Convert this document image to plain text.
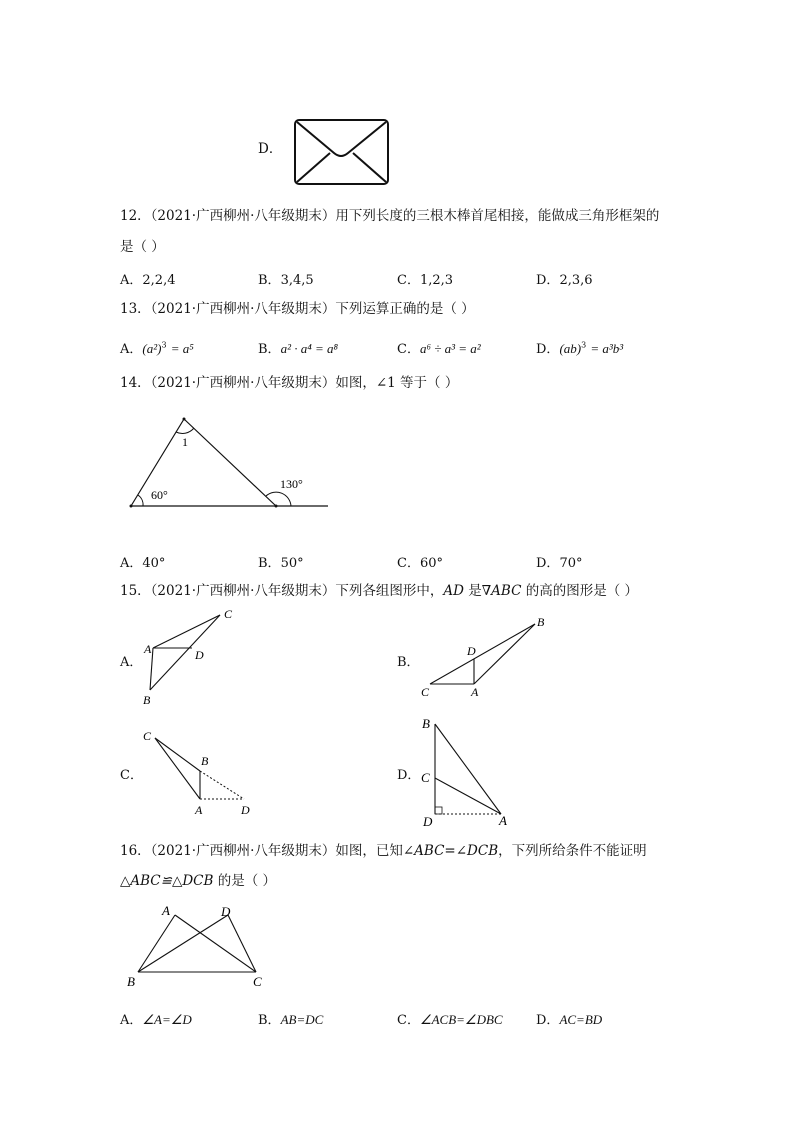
D．
12．（2021·广西柳州·八年级期末）用下列长度的三根木棒首尾相接，能做成三角形框架的
是（ ）
A．2,2,4	B．3,4,5	C．1,2,3	D．2,3,6
13．（2021·广西柳州·八年级期末）下列运算正确的是（ ）
A．$(a^2)^3 = a^5$	B．a² · a⁴ = a⁸	C．a⁶ ÷ a³ = a²	D．(ab)$^3$ = a³b³
14．（2021·广西柳州·八年级期末）如图，∠1 等于（ ）
1
60°
130°
A．40°	B．50°	C．60°	D．70°
15．（2021·广西柳州·八年级期末）下列各组图形中，AD 是∇ABC 的高的图形是（ ）
A．
C
A	D
B
B．
B
D
C	A
C．
C
B
A	D
D．
B
C
D	A
16．（2021·广西柳州·八年级期末）如图，已知∠ABC=∠DCB，下列所给条件不能证明
△ABC≌△DCB 的是（ ）
A	D
B	C
A．∠A=∠D	B．AB=DC	C．∠ACB=∠DBC	D．AC=BD
